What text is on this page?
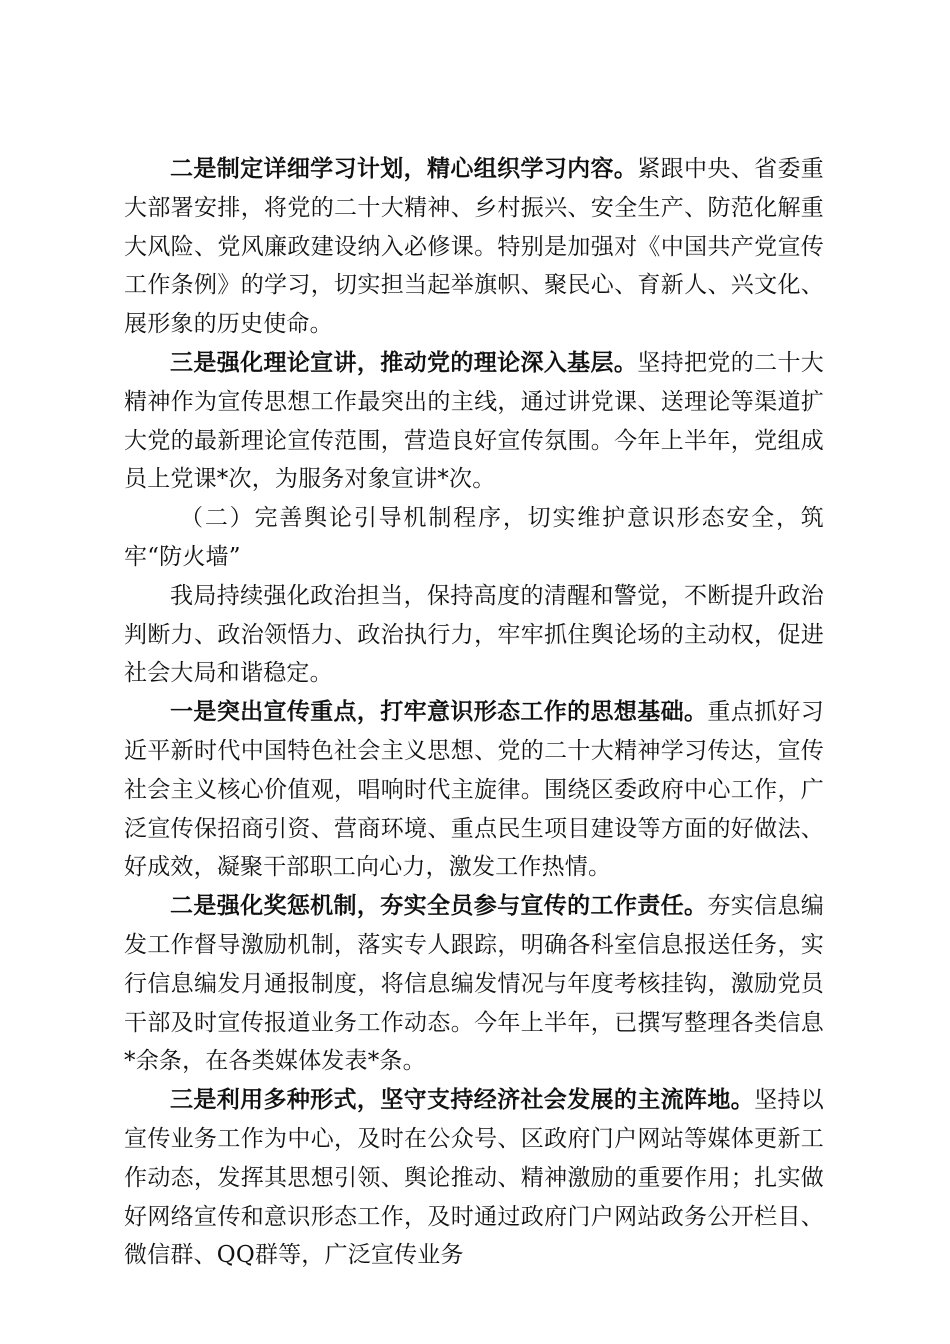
二是制定详细学习计划，精心组织学习内容。紧跟中央、省委重大部署安排，将党的二十大精神、乡村振兴、安全生产、防范化解重大风险、党风廉政建设纳入必修课。特别是加强对《中国共产党宣传工作条例》的学习，切实担当起举旗帜、聚民心、育新人、兴文化、展形象的历史使命。

三是强化理论宣讲，推动党的理论深入基层。坚持把党的二十大精神作为宣传思想工作最突出的主线，通过讲党课、送理论等渠道扩大党的最新理论宣传范围，营造良好宣传氛围。今年上半年，党组成员上党课*次，为服务对象宣讲*次。

（二）完善舆论引导机制程序，切实维护意识形态安全，筑牢“防火墙”

我局持续强化政治担当，保持高度的清醒和警觉，不断提升政治判断力、政治领悟力、政治执行力，牢牢抓住舆论场的主动权，促进社会大局和谐稳定。

一是突出宣传重点，打牢意识形态工作的思想基础。重点抓好习近平新时代中国特色社会主义思想、党的二十大精神学习传达，宣传社会主义核心价值观，唱响时代主旋律。围绕区委政府中心工作，广泛宣传保招商引资、营商环境、重点民生项目建设等方面的好做法、好成效，凝聚干部职工向心力，激发工作热情。

二是强化奖惩机制，夯实全员参与宣传的工作责任。夯实信息编发工作督导激励机制，落实专人跟踪，明确各科室信息报送任务，实行信息编发月通报制度，将信息编发情况与年度考核挂钩，激励党员干部及时宣传报道业务工作动态。今年上半年，已撰写整理各类信息*余条，在各类媒体发表*条。

三是利用多种形式，坚守支持经济社会发展的主流阵地。坚持以宣传业务工作为中心，及时在公众号、区政府门户网站等媒体更新工作动态，发挥其思想引领、舆论推动、精神激励的重要作用；扎实做好网络宣传和意识形态工作，及时通过政府门户网站政务公开栏目、微信群、QQ群等，广泛宣传业务
